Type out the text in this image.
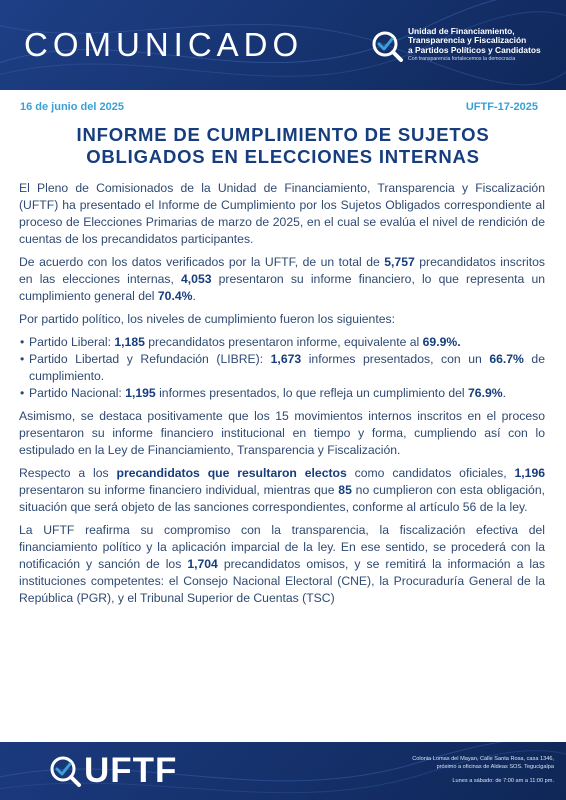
COMUNICADO	Unidad de Financiamiento,
Transparencia y Fiscalización
a Partidos Políticos y Candidatos
Con transparencia fortalecemos la democracia
16 de junio del 2025	UFTF-17-2025
INFORME DE CUMPLIMIENTO DE SUJETOS
OBLIGADOS EN ELECCIONES INTERNAS

El Pleno de Comisionados de la Unidad de Financiamiento, Transparencia y Fiscalización (UFTF) ha presentado el Informe de Cumplimiento por los Sujetos Obligados correspondiente al proceso de Elecciones Primarias de marzo de 2025, en el cual se evalúa el nivel de rendición de cuentas de los precandidatos participantes.

De acuerdo con los datos verificados por la UFTF, de un total de 5,757 precandidatos inscritos en las elecciones internas, 4,053 presentaron su informe financiero, lo que representa un cumplimiento general del 70.4%.

Por partido político, los niveles de cumplimiento fueron los siguientes:

• Partido Liberal: 1,185 precandidatos presentaron informe, equivalente al 69.9%.
• Partido Libertad y Refundación (LIBRE): 1,673 informes presentados, con un 66.7% de cumplimiento.
• Partido Nacional: 1,195 informes presentados, lo que refleja un cumplimiento del 76.9%.

Asimismo, se destaca positivamente que los 15 movimientos internos inscritos en el proceso presentaron su informe financiero institucional en tiempo y forma, cumpliendo así con lo estipulado en la Ley de Financiamiento, Transparencia y Fiscalización.

Respecto a los precandidatos que resultaron electos como candidatos oficiales, 1,196 presentaron su informe financiero individual, mientras que 85 no cumplieron con esta obligación, situación que será objeto de las sanciones correspondientes, conforme al artículo 56 de la ley.

La UFTF reafirma su compromiso con la transparencia, la fiscalización efectiva del financiamiento político y la aplicación imparcial de la ley. En ese sentido, se procederá con la notificación y sanción de los 1,704 precandidatos omisos, y se remitirá la información a las instituciones competentes: el Consejo Nacional Electoral (CNE), la Procuraduría General de la República (PGR), y el Tribunal Superior de Cuentas (TSC)

UFTF	Colonia Lomas del Mayan, Calle Santa Rosa, casa 1346,
próximo a oficinas de Aldeas SOS. Tegucigalpa
Lunes a sábado: de 7:00 am a 11:00 pm.
